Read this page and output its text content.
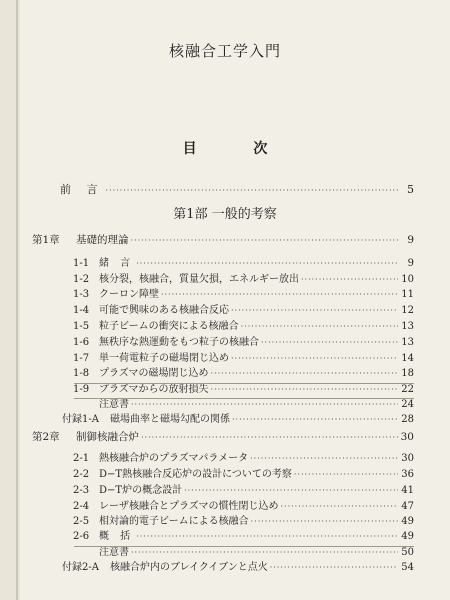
核融合工学入門
目 次
前 言 ·····	5
第1部 一般的考察
第1章	基礎的理論 ·····	9
1-1 緒 言 ·····	9
1-2 核分裂，核融合，質量欠損，エネルギー放出 ·····	10
1-3 クーロン障壁 ·····	11
1-4 可能で興味のある核融合反応 ·····	12
1-5 粒子ビームの衝突による核融合 ·····	13
1-6 無秩序な熱運動をもつ粒子の核融合 ·····	13
1-7 単一荷電粒子の磁場閉じ込め ·····	14
1-8 プラズマの磁場閉じ込め ·····	18
1-9 プラズマからの放射損失 ·····	22
注意書 ·····	24
付録1-A	磁場曲率と磁場勾配の関係 ·····	28
第2章	制御核融合炉 ·····	30
2-1 熱核融合炉のプラズマパラメータ ·····	30
2-2 D−T熱核融合反応炉の設計についての考察 ·····	36
2-3 D−T炉の概念設計 ·····	41
2-4 レーザ核融合とプラズマの慣性閉じ込め ·····	47
2-5 相対論的電子ビームによる核融合 ·····	49
2-6 概 括 ·····	49
注意書 ·····	50
付録2-A	核融合炉内のブレイクイブンと点火 ·····	54
